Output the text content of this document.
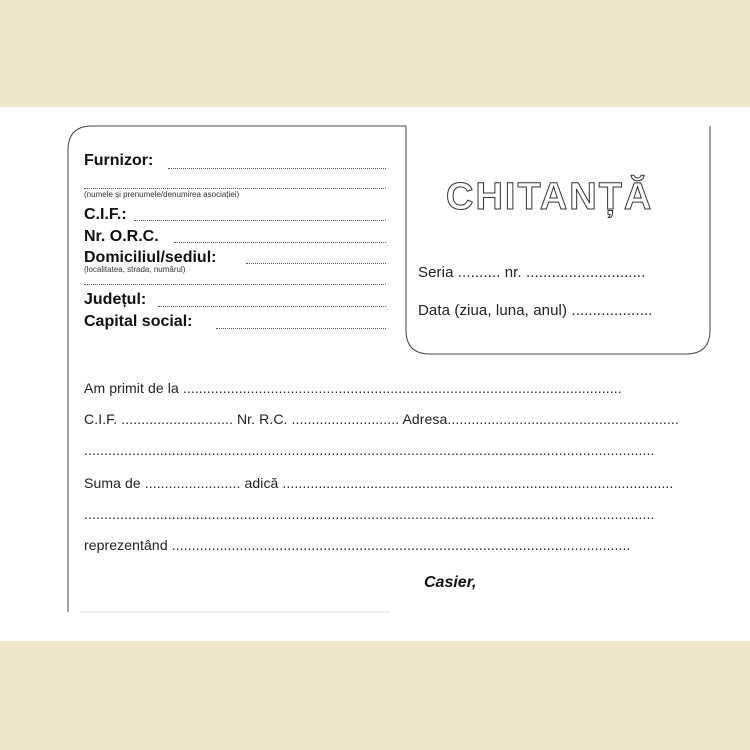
Furnizor:
(numele și prenumele/denumirea asociației)
C.I.F.:
Nr. O.R.C.
Domiciliul/sediul:
(localitatea, strada, numărul)
Județul:
Capital social:
CHITANȚĂ
Seria .......... nr. ............................
Data (ziua, luna, anul) ...................
Am primit de la ..............................................................................................................
C.I.F. ............................ Nr. R.C. ........................... Adresa..........................................................
...............................................................................................................................................
Suma de ........................ adică ..................................................................................................
...............................................................................................................................................
reprezentând ...................................................................................................................
Casier,
